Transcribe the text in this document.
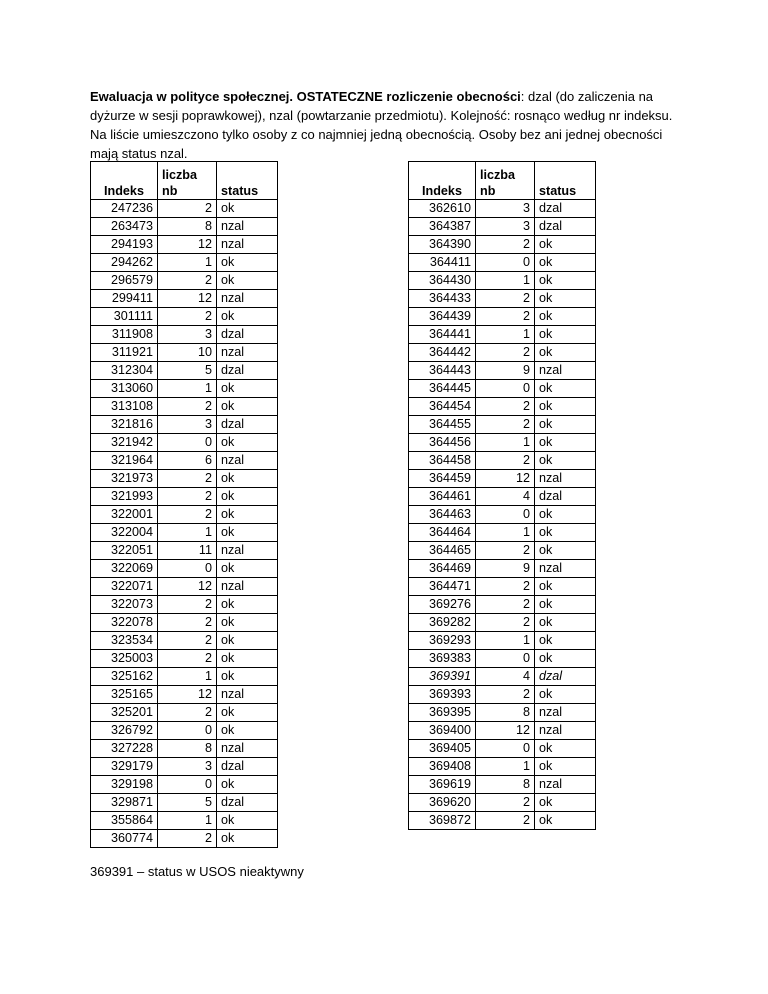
Ewaluacja w polityce społecznej. OSTATECZNE rozliczenie obecności: dzal (do zaliczenia na dyżurze w sesji poprawkowej), nzal (powtarzanie przedmiotu). Kolejność: rosnąco według nr indeksu.

Na liście umieszczono tylko osoby z co najmniej jedną obecnością. Osoby bez ani jednej obecności mają status nzal.

Indeks	liczba nb	status
247236	2	ok
263473	8	nzal
294193	12	nzal
294262	1	ok
296579	2	ok
299411	12	nzal
301111	2	ok
311908	3	dzal
311921	10	nzal
312304	5	dzal
313060	1	ok
313108	2	ok
321816	3	dzal
321942	0	ok
321964	6	nzal
321973	2	ok
321993	2	ok
322001	2	ok
322004	1	ok
322051	11	nzal
322069	0	ok
322071	12	nzal
322073	2	ok
322078	2	ok
323534	2	ok
325003	2	ok
325162	1	ok
325165	12	nzal
325201	2	ok
326792	0	ok
327228	8	nzal
329179	3	dzal
329198	0	ok
329871	5	dzal
355864	1	ok
360774	2	ok
Indeks	liczba nb	status
362610	3	dzal
364387	3	dzal
364390	2	ok
364411	0	ok
364430	1	ok
364433	2	ok
364439	2	ok
364441	1	ok
364442	2	ok
364443	9	nzal
364445	0	ok
364454	2	ok
364455	2	ok
364456	1	ok
364458	2	ok
364459	12	nzal
364461	4	dzal
364463	0	ok
364464	1	ok
364465	2	ok
364469	9	nzal
364471	2	ok
369276	2	ok
369282	2	ok
369293	1	ok
369383	0	ok
369391	4	dzal
369393	2	ok
369395	8	nzal
369400	12	nzal
369405	0	ok
369408	1	ok
369619	8	nzal
369620	2	ok
369872	2	ok
369391 – status w USOS nieaktywny
